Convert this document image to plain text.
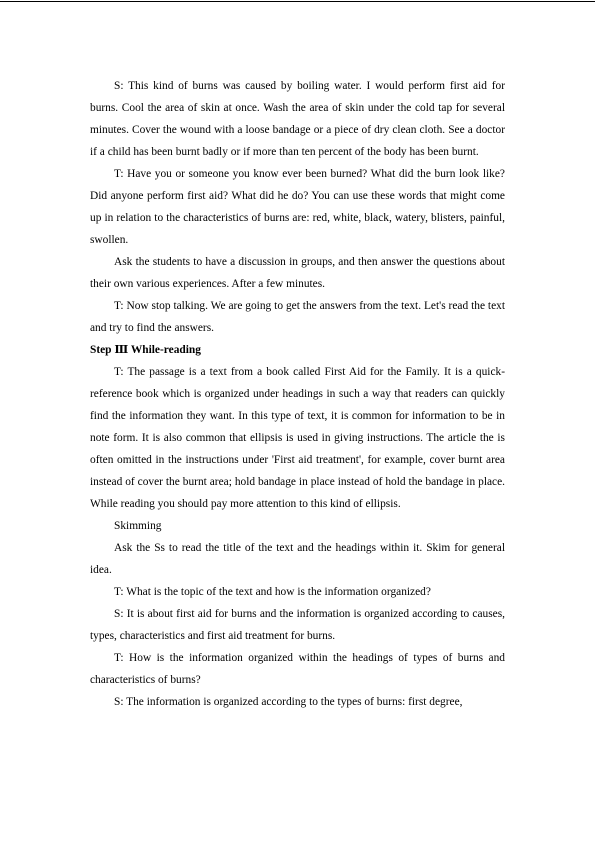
S: This kind of burns was caused by boiling water. I would perform first aid for burns. Cool the area of skin at once. Wash the area of skin under the cold tap for several minutes. Cover the wound with a loose bandage or a piece of dry clean cloth. See a doctor if a child has been burnt badly or if more than ten percent of the body has been burnt.

T: Have you or someone you know ever been burned? What did the burn look like? Did anyone perform first aid? What did he do? You can use these words that might come up in relation to the characteristics of burns are: red, white, black, watery, blisters, painful, swollen.

Ask the students to have a discussion in groups, and then answer the questions about their own various experiences. After a few minutes.

T: Now stop talking. We are going to get the answers from the text. Let's read the text and try to find the answers.

Step Ⅲ While-reading

T: The passage is a text from a book called First Aid for the Family. It is a quick-reference book which is organized under headings in such a way that readers can quickly find the information they want. In this type of text, it is common for information to be in note form. It is also common that ellipsis is used in giving instructions. The article the is often omitted in the instructions under 'First aid treatment', for example, cover burnt area instead of cover the burnt area; hold bandage in place instead of hold the bandage in place. While reading you should pay more attention to this kind of ellipsis.

Skimming

Ask the Ss to read the title of the text and the headings within it. Skim for general idea.

T: What is the topic of the text and how is the information organized?

S: It is about first aid for burns and the information is organized according to causes, types, characteristics and first aid treatment for burns.

T: How is the information organized within the headings of types of burns and characteristics of burns?

S: The information is organized according to the types of burns: first degree,
